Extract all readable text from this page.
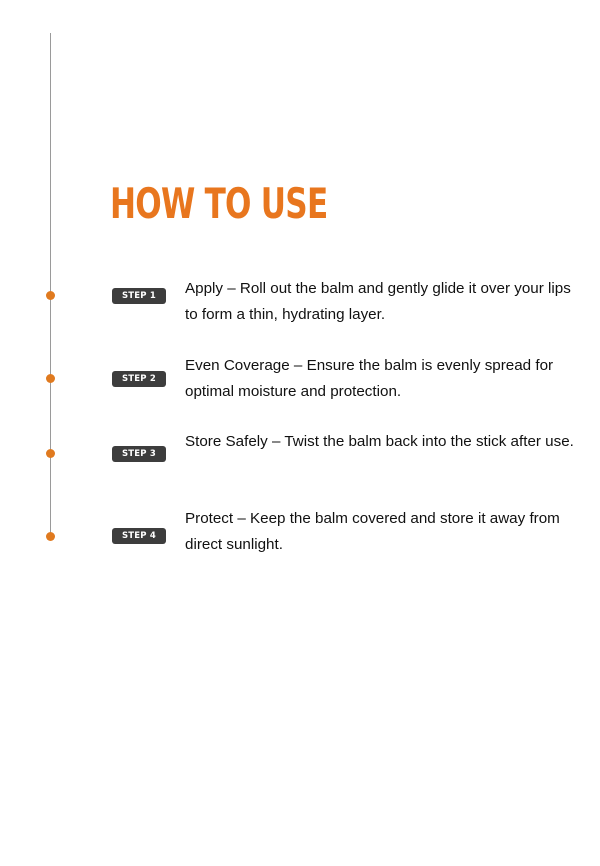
HOW TO USE
STEP 1	Apply – Roll out the balm and gently glide it over your lips to form a thin, hydrating layer.

STEP 2

Even Coverage – Ensure the balm is evenly spread for optimal moisture and protection.

STEP 3

Store Safely – Twist the balm back into the stick after use.

STEP 4

Protect – Keep the balm covered and store it away from direct sunlight.
